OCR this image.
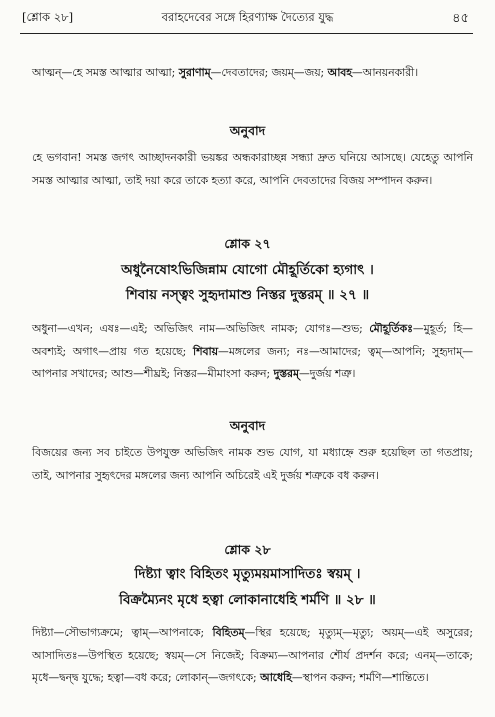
[শ্লোক ২৮]	বরাহদেবের সঙ্গে হিরণ্যাক্ষ দৈত্যের যুদ্ধ	৪৫
আত্মন্—হে সমস্ত আত্মার আত্মা; সুরাণাম্—দেবতাদের; জয়ম্—জয়; আবহ—আনয়নকারী।
অনুবাদ
হে ভগবান! সমস্ত জগৎ আচ্ছাদনকারী ভয়ঙ্কর অন্ধকারাচ্ছন্ন সন্ধ্যা দ্রুত ঘনিয়ে আসছে। যেহেতু আপনি সমস্ত আত্মার আত্মা, তাই দয়া করে তাকে হত্যা করে, আপনি দেবতাদের বিজয় সম্পাদন করুন।
শ্লোক ২৭
অধুনৈষোঽভিজিন্নাম যোগো মৌহূর্তিকো হ্যগাৎ ।
শিবায় নস্ত্বং সুহৃদামাশু নিস্তর দুস্তরম্ ॥ ২৭ ॥
অধুনা—এখন; এষঃ—এই; অভিজিৎ নাম—অভিজিৎ নামক; যোগঃ—শুভ; মৌহূর্তিকঃ—মুহূর্ত; হি—অবশ্যই; অগাৎ—প্রায় গত হয়েছে; শিবায়—মঙ্গলের জন্য; নঃ—আমাদের; ত্বম্—আপনি; সুহৃদাম্—আপনার সখাদের; আশু—শীঘ্রই; নিস্তর—মীমাংসা করুন; দুস্তরম্—দুর্জয় শত্রু।
অনুবাদ
বিজয়ের জন্য সব চাইতে উপযুক্ত অভিজিৎ নামক শুভ যোগ, যা মধ্যাহ্নে শুরু হয়েছিল তা গতপ্রায়; তাই, আপনার সুহৃৎদের মঙ্গলের জন্য আপনি অচিরেই এই দুর্জয় শত্রুকে বধ করুন।
শ্লোক ২৮
দিষ্ট্যা ত্বাং বিহিতং মৃত্যুময়মাসাদিতঃ স্বয়ম্ ।
বিক্রম্যৈনং মৃধে হত্বা লোকানাধেহি শর্মণি ॥ ২৮ ॥
দিষ্ট্যা—সৌভাগ্যক্রমে; ত্বাম্—আপনাকে; বিহিতম্—স্থির হয়েছে; মৃত্যুম্—মৃত্যু; অয়ম্—এই অসুরের; আসাদিতঃ—উপস্থিত হয়েছে; স্বয়ম্—সে নিজেই; বিক্রম্য—আপনার শৌর্য প্রদর্শন করে; এনম্—তাকে; মৃধে—দ্বন্দ্ব যুদ্ধে; হত্বা—বধ করে; লোকান্—জগৎকে; আধেহি—স্থাপন করুন; শর্মণি—শান্তিতে।
